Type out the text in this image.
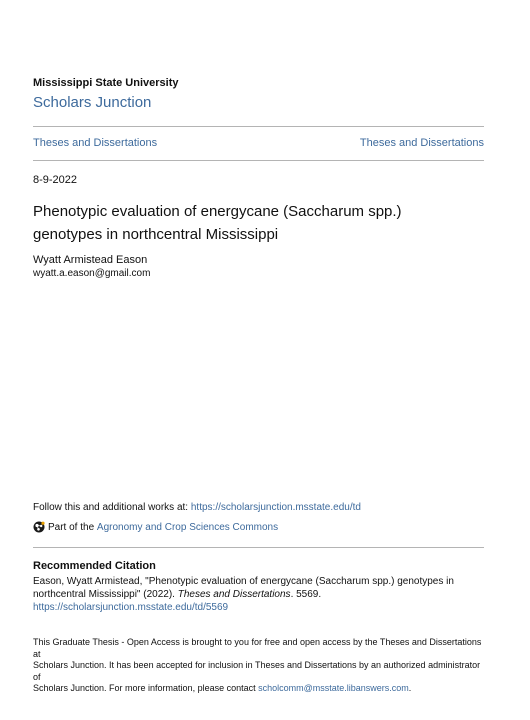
Mississippi State University
Scholars Junction
Theses and Dissertations	Theses and Dissertations
8-9-2022
Phenotypic evaluation of energycane (Saccharum spp.)
genotypes in northcentral Mississippi
Wyatt Armistead Eason
wyatt.a.eason@gmail.com
Follow this and additional works at: https://scholarsjunction.msstate.edu/td
Part of the
Agronomy and Crop Sciences Commons
Recommended Citation
Eason, Wyatt Armistead, "Phenotypic evaluation of energycane (Saccharum spp.) genotypes in
northcentral Mississippi" (2022). Theses and Dissertations. 5569.
https://scholarsjunction.msstate.edu/td/5569
This Graduate Thesis - Open Access is brought to you for free and open access by the Theses and Dissertations at
Scholars Junction. It has been accepted for inclusion in Theses and Dissertations by an authorized administrator of
Scholars Junction. For more information, please contact scholcomm@msstate.libanswers.com.
